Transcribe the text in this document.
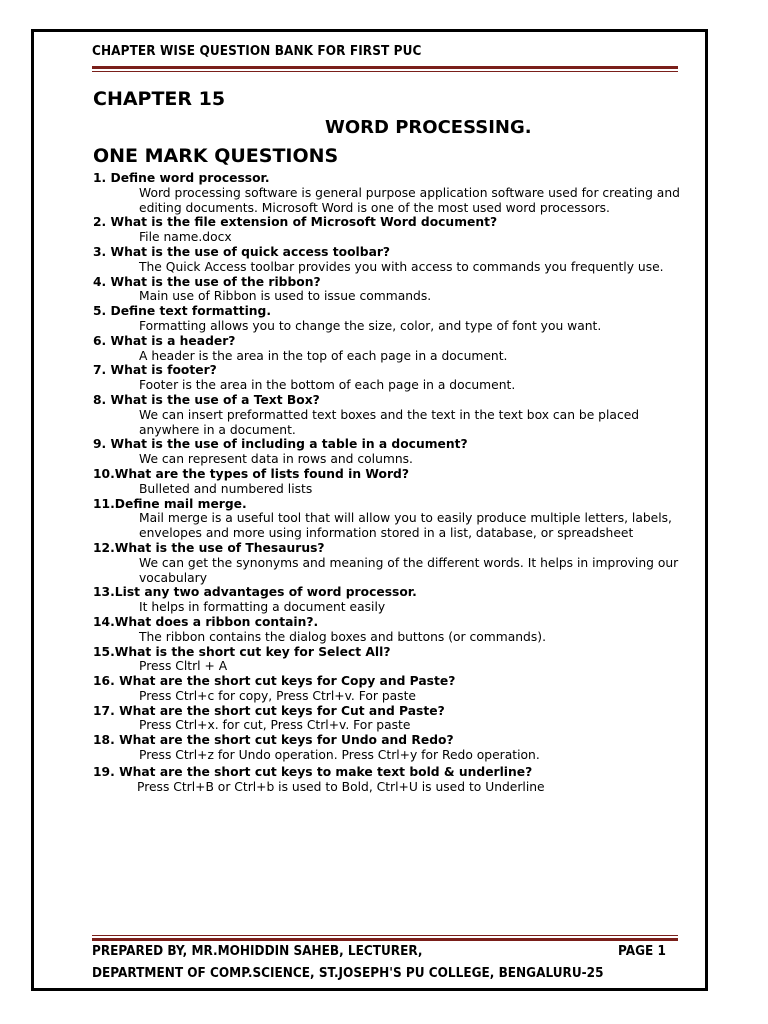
CHAPTER WISE QUESTION BANK FOR FIRST PUC
CHAPTER 15
WORD PROCESSING.
ONE MARK QUESTIONS
1. Define word processor.
Word processing software is general purpose application software used for creating and editing documents. Microsoft Word is one of the most used word processors.
2. What is the file extension of Microsoft Word document?
File name.docx
3. What is the use of quick access toolbar?
The Quick Access toolbar provides you with access to commands you frequently use.
4. What is the use of the ribbon?
Main use of Ribbon is used to issue commands.
5. Define text formatting.
Formatting allows you to change the size, color, and type of font you want.
6. What is a header?
A header is the area in the top of each page in a document.
7. What is footer?
Footer is the area in the bottom of each page in a document.
8. What is the use of a Text Box?
We can insert preformatted text boxes and the text in the text box can be placed anywhere in a document.
9. What is the use of including a table in a document?
We can represent data in rows and columns.
10.What are the types of lists found in Word?
Bulleted and numbered lists
11.Define mail merge.
Mail merge is a useful tool that will allow you to easily produce multiple letters, labels, envelopes and more using information stored in a list, database, or spreadsheet
12.What is the use of Thesaurus?
We can get the synonyms and meaning of the different words. It helps in improving our vocabulary
13.List any two advantages of word processor.
It helps in formatting a document easily
14.What does a ribbon contain?.
The ribbon contains the dialog boxes and buttons (or commands).
15.What is the short cut key for Select All?
Press Cltrl + A
16. What are the short cut keys for Copy and Paste?
Press Ctrl+c for copy, Press Ctrl+v. For paste
17. What are the short cut keys for Cut and Paste?
Press Ctrl+x. for cut, Press Ctrl+v. For paste
18. What are the short cut keys for Undo and Redo?
Press Ctrl+z for Undo operation. Press Ctrl+y for Redo operation.
19. What are the short cut keys to make text bold & underline?
Press Ctrl+B or Ctrl+b is used to Bold, Ctrl+U is used to Underline
PREPARED BY, MR.MOHIDDIN SAHEB, LECTURER,	PAGE 1
DEPARTMENT OF COMP.SCIENCE, ST.JOSEPH'S PU COLLEGE, BENGALURU-25
